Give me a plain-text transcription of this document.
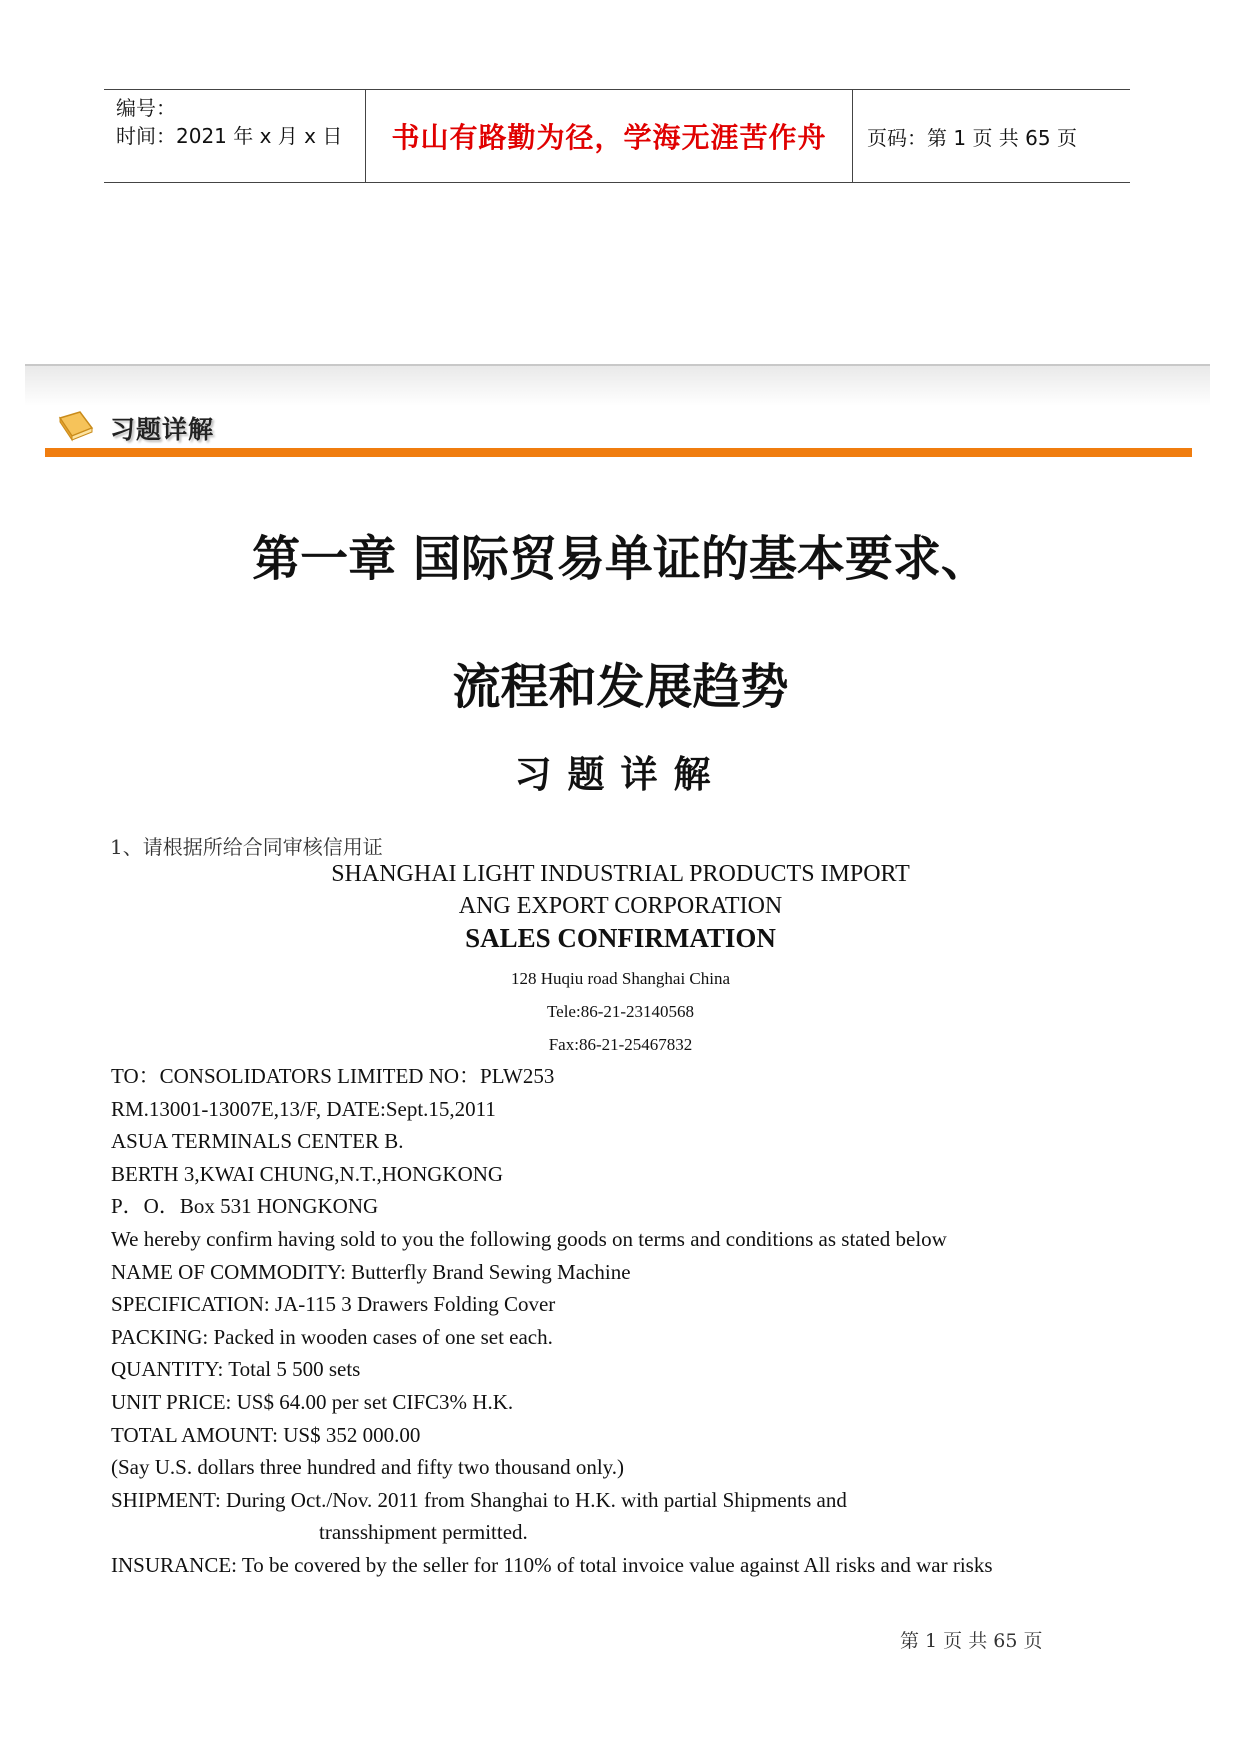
编号：
时间：2021 年 x 月 x 日 书山有路勤为径，学海无涯苦作舟 页码：第 1 页 共 65 页
习题详解
第一章 国际贸易单证的基本要求、
流程和发展趋势
习题详解
1、请根据所给合同审核信用证
SHANGHAI LIGHT INDUSTRIAL PRODUCTS IMPORT
ANG EXPORT CORPORATION
SALES CONFIRMATION
128 Huqiu road Shanghai China
Tele:86-21-23140568
Fax:86-21-25467832
TO：CONSOLIDATORS LIMITED NO：PLW253
RM.13001-13007E,13/F, DATE:Sept.15,2011
ASUA TERMINALS CENTER B.
BERTH 3,KWAI CHUNG,N.T.,HONGKONG
P．O．Box 531 HONGKONG
We hereby confirm having sold to you the following goods on terms and conditions as stated below
NAME OF COMMODITY: Butterfly Brand Sewing Machine
SPECIFICATION: JA-115 3 Drawers Folding Cover
PACKING: Packed in wooden cases of one set each.
QUANTITY: Total 5 500 sets
UNIT PRICE: US$ 64.00 per set CIFC3% H.K.
TOTAL AMOUNT: US$ 352 000.00
(Say U.S. dollars three hundred and fifty two thousand only.)
SHIPMENT: During Oct./Nov. 2011 from Shanghai to H.K. with partial Shipments and
transshipment permitted.
INSURANCE: To be covered by the seller for 110% of total invoice value against All risks and war risks
第 1 页 共 65 页
